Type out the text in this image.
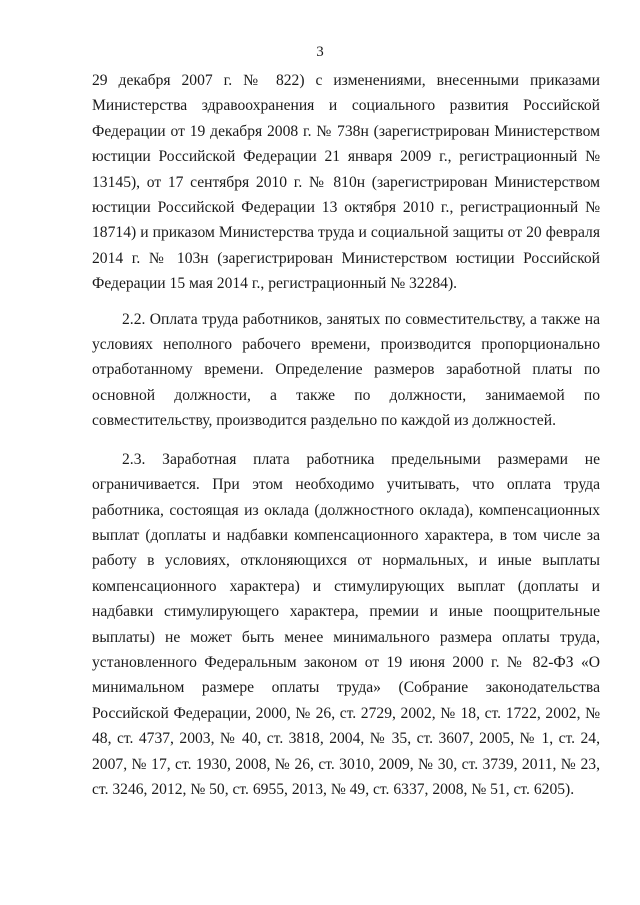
3

29 декабря 2007 г. № 822) с изменениями, внесенными приказами Министерства здравоохранения и социального развития Российской Федерации от 19 декабря 2008 г. № 738н (зарегистрирован Министерством юстиции Российской Федерации 21 января 2009 г., регистрационный № 13145), от 17 сентября 2010 г. № 810н (зарегистрирован Министерством юстиции Российской Федерации 13 октября 2010 г., регистрационный № 18714) и приказом Министерства труда и социальной защиты от 20 февраля 2014 г. № 103н (зарегистрирован Министерством юстиции Российской Федерации 15 мая 2014 г., регистрационный № 32284).

2.2. Оплата труда работников, занятых по совместительству, а также на условиях неполного рабочего времени, производится пропорционально отработанному времени. Определение размеров заработной платы по основной должности, а также по должности, занимаемой по совместительству, производится раздельно по каждой из должностей.

2.3. Заработная плата работника предельными размерами не ограничивается. При этом необходимо учитывать, что оплата труда работника, состоящая из оклада (должностного оклада), компенсационных выплат (доплаты и надбавки компенсационного характера, в том числе за работу в условиях, отклоняющихся от нормальных, и иные выплаты компенсационного характера) и стимулирующих выплат (доплаты и надбавки стимулирующего характера, премии и иные поощрительные выплаты) не может быть менее минимального размера оплаты труда, установленного Федеральным законом от 19 июня 2000 г. № 82-ФЗ «О минимальном размере оплаты труда» (Собрание законодательства Российской Федерации, 2000, № 26, ст. 2729, 2002, № 18, ст. 1722, 2002, № 48, ст. 4737, 2003, № 40, ст. 3818, 2004, № 35, ст. 3607, 2005, № 1, ст. 24, 2007, № 17, ст. 1930, 2008, № 26, ст. 3010, 2009, № 30, ст. 3739, 2011, № 23, ст. 3246, 2012, № 50, ст. 6955, 2013, № 49, ст. 6337, 2008, № 51, ст. 6205).
